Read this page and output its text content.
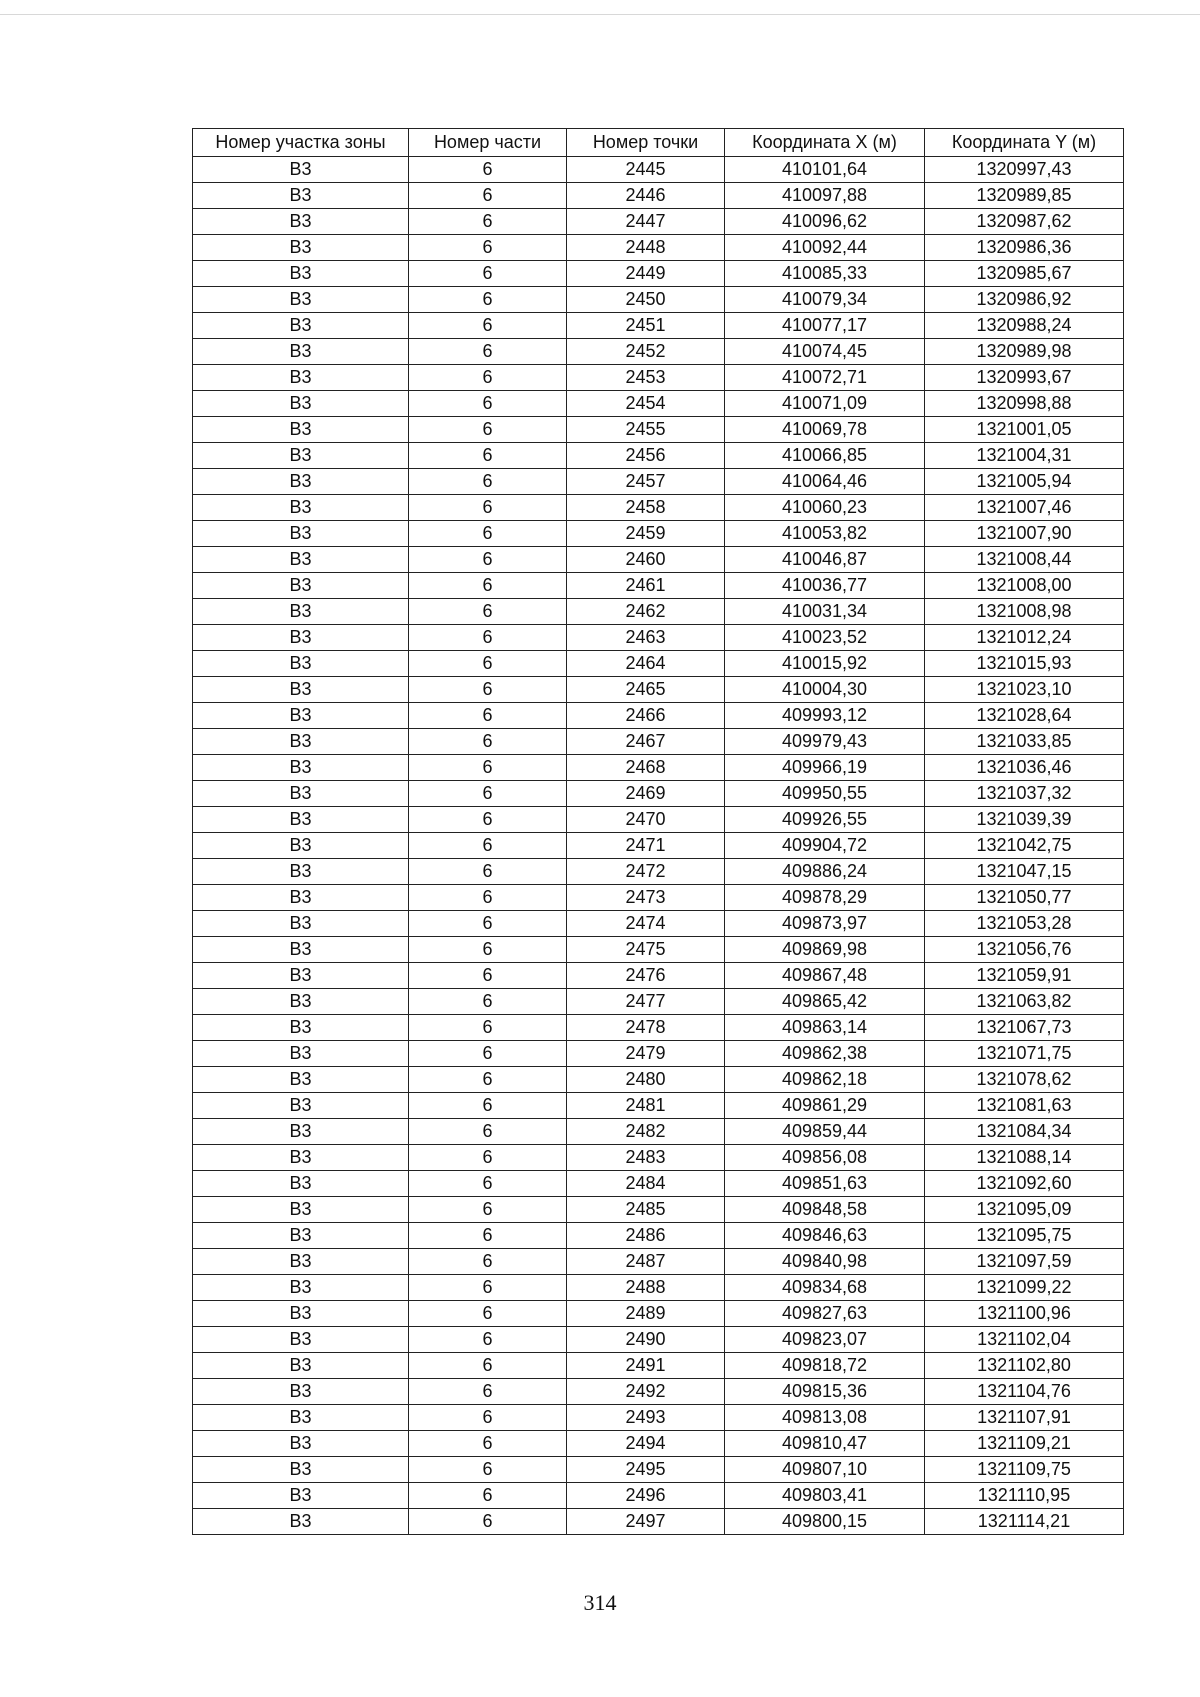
Номер участка зоны	Номер части	Номер точки	Координата X (м)	Координата Y (м)
В3	6	2445	410101,64	1320997,43
В3	6	2446	410097,88	1320989,85
В3	6	2447	410096,62	1320987,62
В3	6	2448	410092,44	1320986,36
В3	6	2449	410085,33	1320985,67
В3	6	2450	410079,34	1320986,92
В3	6	2451	410077,17	1320988,24
В3	6	2452	410074,45	1320989,98
В3	6	2453	410072,71	1320993,67
В3	6	2454	410071,09	1320998,88
В3	6	2455	410069,78	1321001,05
В3	6	2456	410066,85	1321004,31
В3	6	2457	410064,46	1321005,94
В3	6	2458	410060,23	1321007,46
В3	6	2459	410053,82	1321007,90
В3	6	2460	410046,87	1321008,44
В3	6	2461	410036,77	1321008,00
В3	6	2462	410031,34	1321008,98
В3	6	2463	410023,52	1321012,24
В3	6	2464	410015,92	1321015,93
В3	6	2465	410004,30	1321023,10
В3	6	2466	409993,12	1321028,64
В3	6	2467	409979,43	1321033,85
В3	6	2468	409966,19	1321036,46
В3	6	2469	409950,55	1321037,32
В3	6	2470	409926,55	1321039,39
В3	6	2471	409904,72	1321042,75
В3	6	2472	409886,24	1321047,15
В3	6	2473	409878,29	1321050,77
В3	6	2474	409873,97	1321053,28
В3	6	2475	409869,98	1321056,76
В3	6	2476	409867,48	1321059,91
В3	6	2477	409865,42	1321063,82
В3	6	2478	409863,14	1321067,73
В3	6	2479	409862,38	1321071,75
В3	6	2480	409862,18	1321078,62
В3	6	2481	409861,29	1321081,63
В3	6	2482	409859,44	1321084,34
В3	6	2483	409856,08	1321088,14
В3	6	2484	409851,63	1321092,60
В3	6	2485	409848,58	1321095,09
В3	6	2486	409846,63	1321095,75
В3	6	2487	409840,98	1321097,59
В3	6	2488	409834,68	1321099,22
В3	6	2489	409827,63	1321100,96
В3	6	2490	409823,07	1321102,04
В3	6	2491	409818,72	1321102,80
В3	6	2492	409815,36	1321104,76
В3	6	2493	409813,08	1321107,91
В3	6	2494	409810,47	1321109,21
В3	6	2495	409807,10	1321109,75
В3	6	2496	409803,41	1321110,95
В3	6	2497	409800,15	1321114,21
314
